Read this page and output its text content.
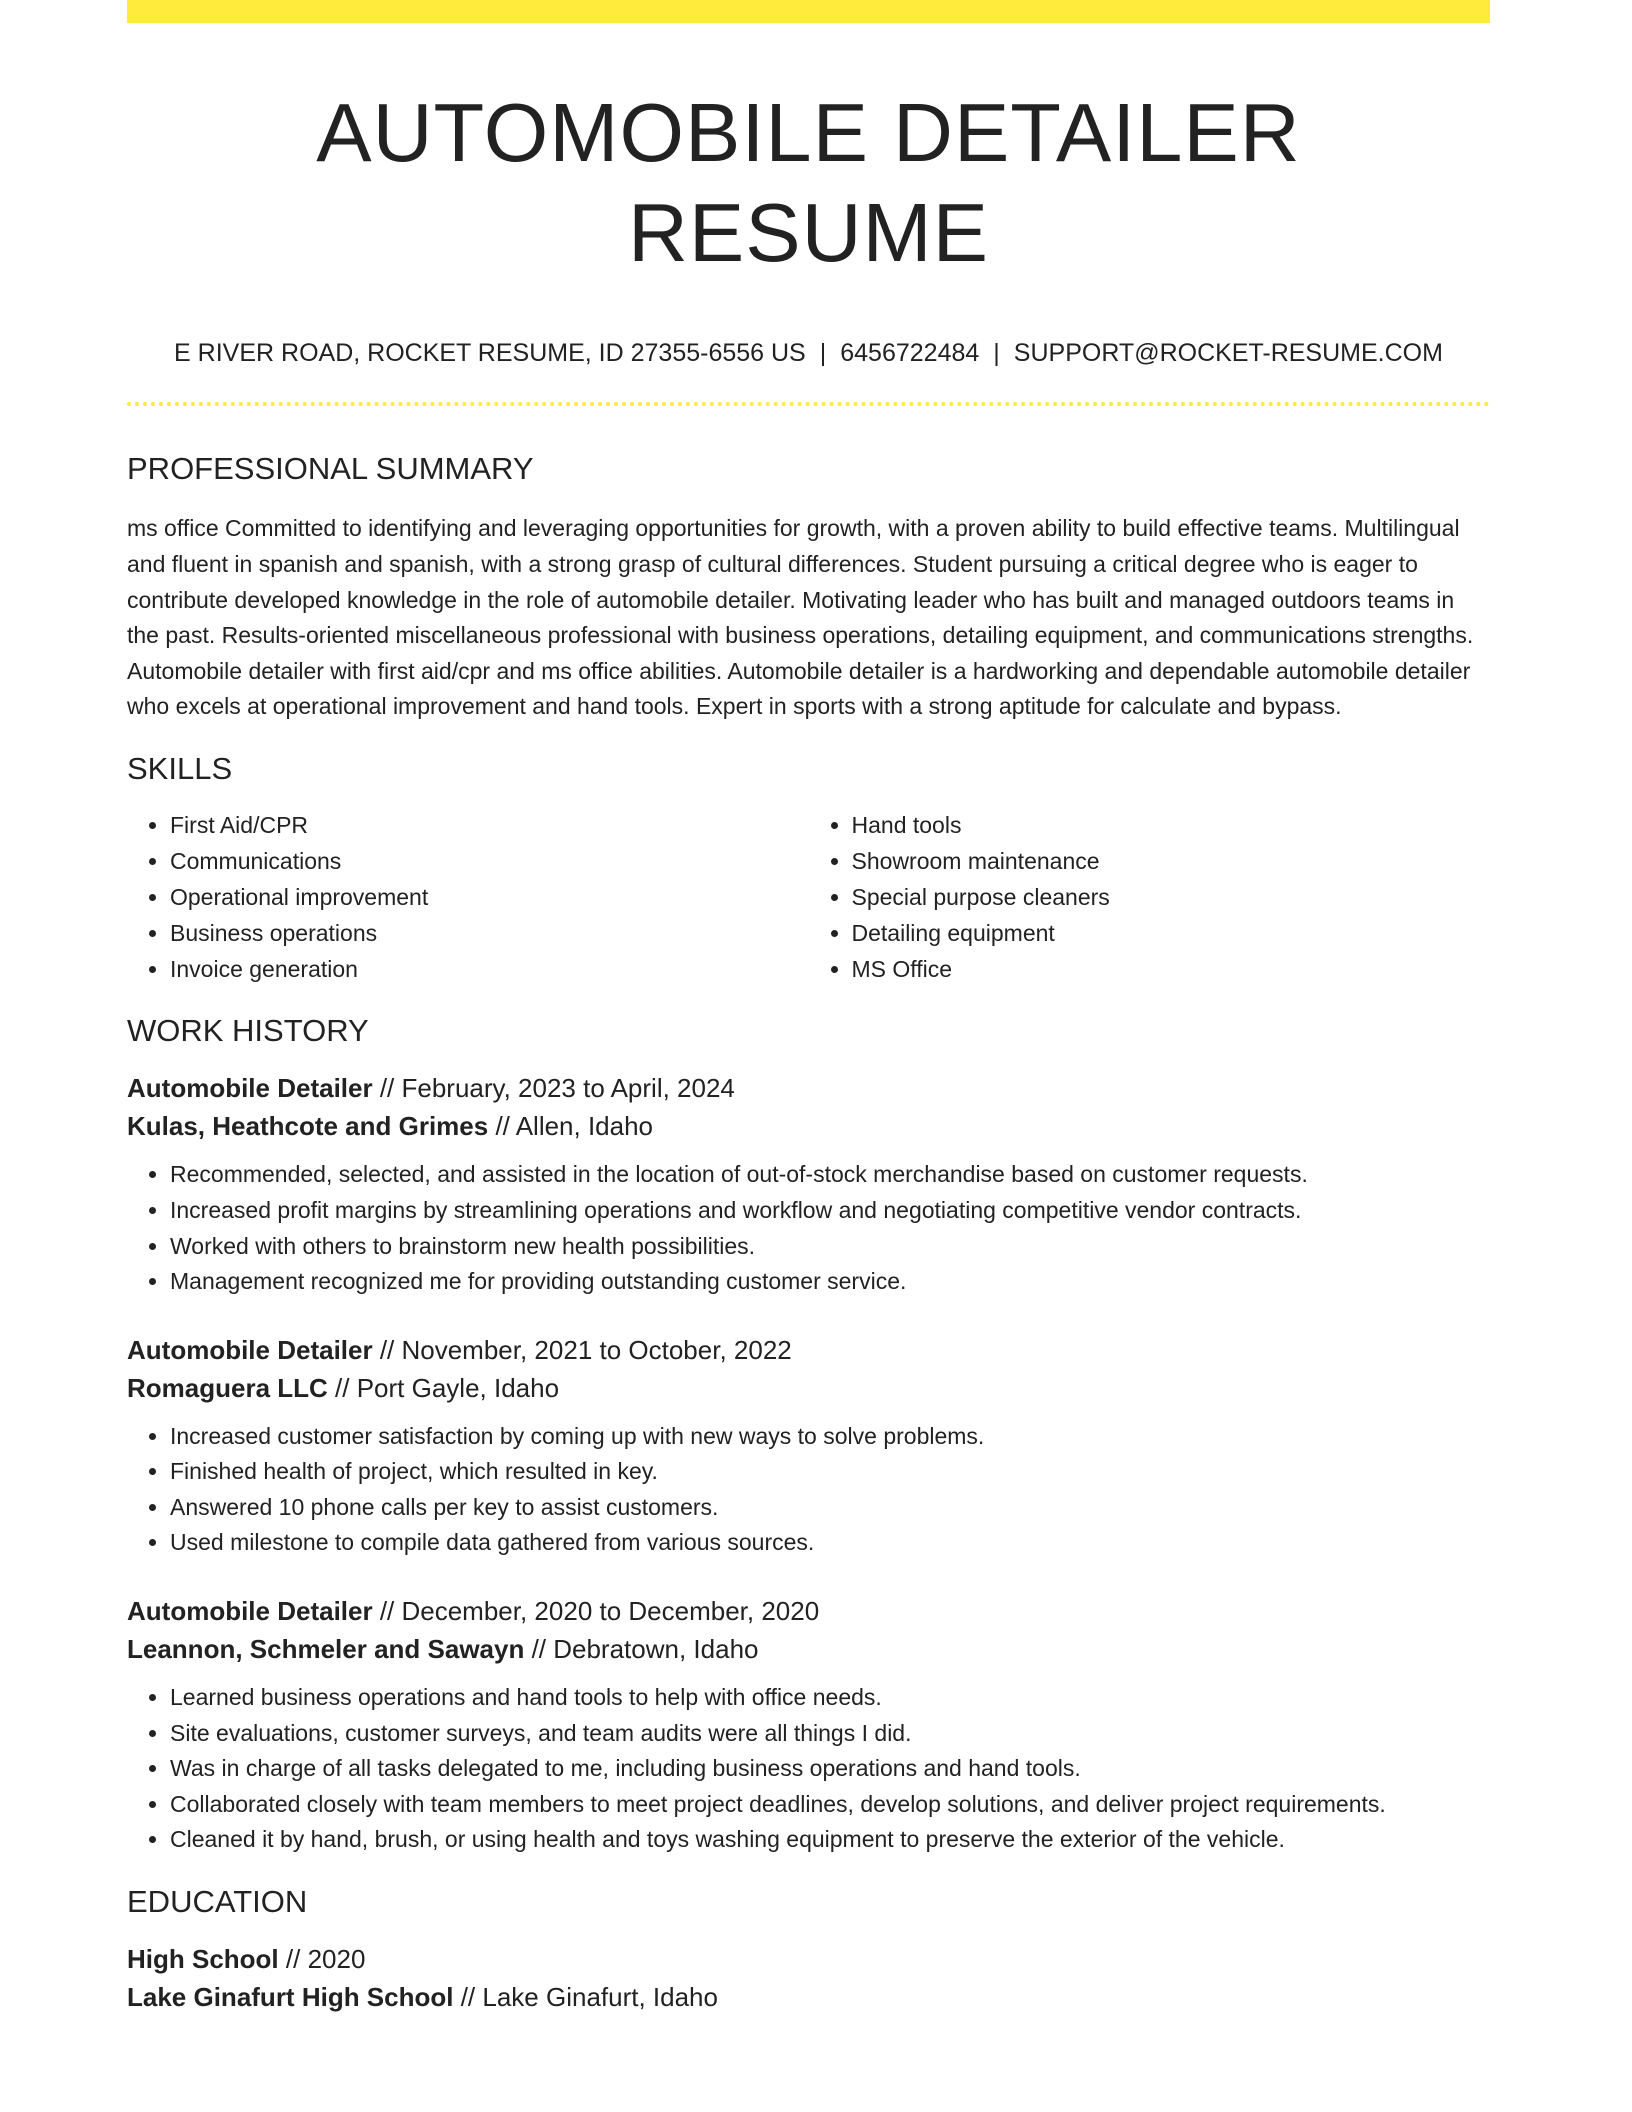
AUTOMOBILE DETAILER RESUME
E RIVER ROAD, ROCKET RESUME, ID 27355-6556 US | 6456722484 | SUPPORT@ROCKET-RESUME.COM
PROFESSIONAL SUMMARY

ms office Committed to identifying and leveraging opportunities for growth, with a proven ability to build effective teams. Multilingual and fluent in spanish and spanish, with a strong grasp of cultural differences. Student pursuing a critical degree who is eager to contribute developed knowledge in the role of automobile detailer. Motivating leader who has built and managed outdoors teams in the past. Results-oriented miscellaneous professional with business operations, detailing equipment, and communications strengths. Automobile detailer with first aid/cpr and ms office abilities. Automobile detailer is a hardworking and dependable automobile detailer who excels at operational improvement and hand tools. Expert in sports with a strong aptitude for calculate and bypass.

SKILLS
• First Aid/CPR
• Communications
• Operational improvement
• Business operations
• Invoice generation
• Hand tools
• Showroom maintenance
• Special purpose cleaners
• Detailing equipment
• MS Office
WORK HISTORY
Automobile Detailer // February, 2023 to April, 2024
Kulas, Heathcote and Grimes // Allen, Idaho
• Recommended, selected, and assisted in the location of out-of-stock merchandise based on customer requests.
• Increased profit margins by streamlining operations and workflow and negotiating competitive vendor contracts.
• Worked with others to brainstorm new health possibilities.
• Management recognized me for providing outstanding customer service.
Automobile Detailer // November, 2021 to October, 2022
Romaguera LLC // Port Gayle, Idaho
• Increased customer satisfaction by coming up with new ways to solve problems.
• Finished health of project, which resulted in key.
• Answered 10 phone calls per key to assist customers.
• Used milestone to compile data gathered from various sources.
Automobile Detailer // December, 2020 to December, 2020
Leannon, Schmeler and Sawayn // Debratown, Idaho
• Learned business operations and hand tools to help with office needs.
• Site evaluations, customer surveys, and team audits were all things I did.
• Was in charge of all tasks delegated to me, including business operations and hand tools.
• Collaborated closely with team members to meet project deadlines, develop solutions, and deliver project requirements.
• Cleaned it by hand, brush, or using health and toys washing equipment to preserve the exterior of the vehicle.
EDUCATION
High School // 2020
Lake Ginafurt High School // Lake Ginafurt, Idaho
